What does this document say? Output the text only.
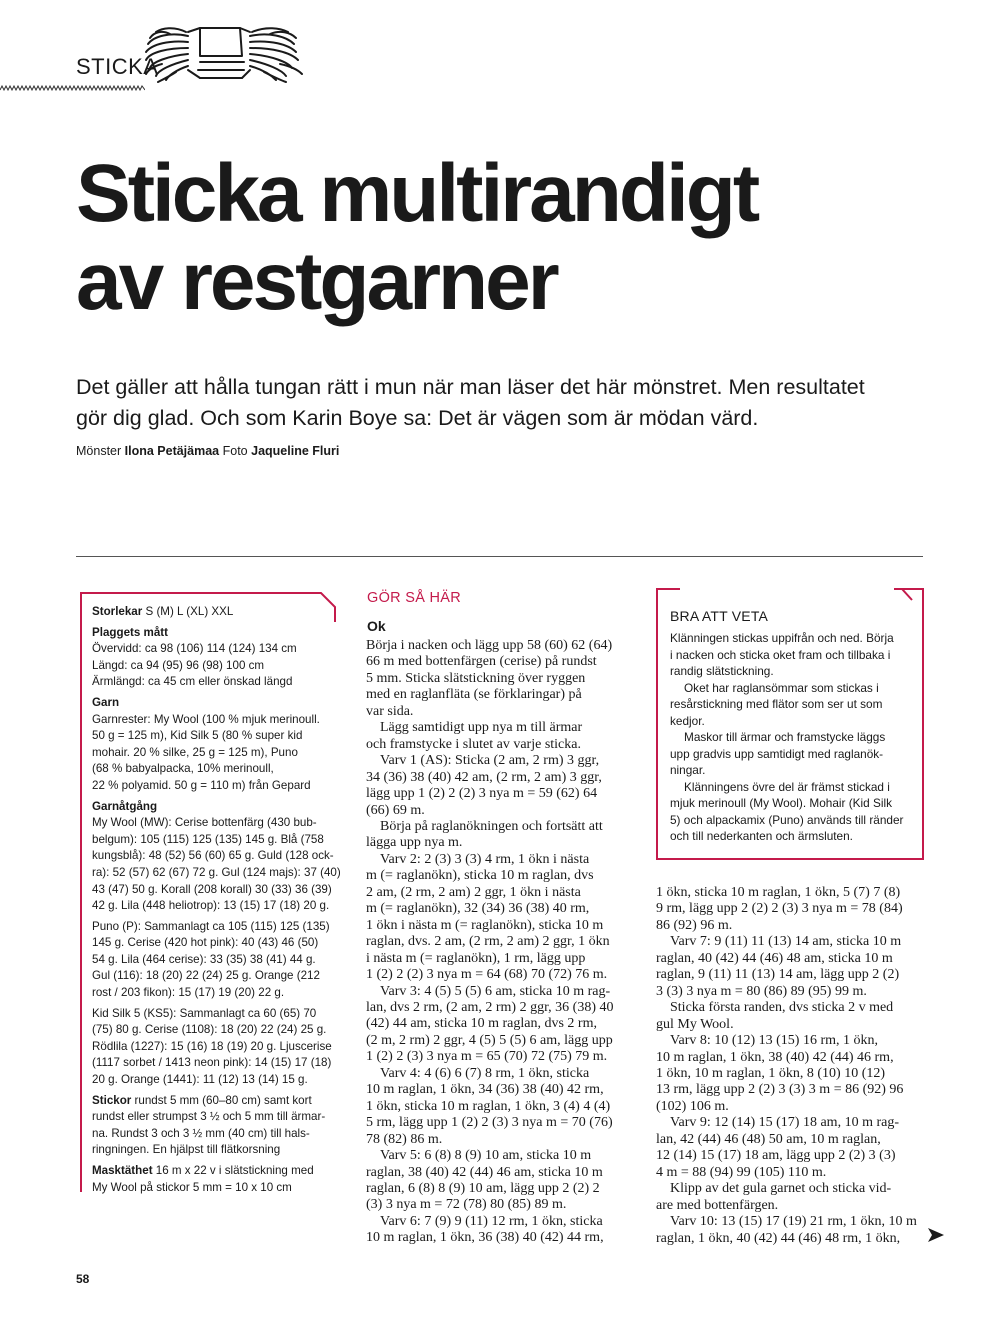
STICKA
Sticka multirandigt
av restgarner
Det gäller att hålla tungan rätt i mun när man läser det här mönstret. Men resultatet
gör dig glad. Och som Karin Boye sa: Det är vägen som är mödan värd.
Mönster Ilona Petäjämaa Foto Jaqueline Fluri
Storlekar S (M) L (XL) XXL
Plaggets mått
Övervidd: ca 98 (106) 114 (124) 134 cm
Längd: ca 94 (95) 96 (98) 100 cm
Ärmlängd: ca 45 cm eller önskad längd
Garn
Garnrester: My Wool (100 % mjuk merinoull.
50 g = 125 m), Kid Silk 5 (80 % super kid
mohair. 20 % silke, 25 g = 125 m), Puno
(68 % babyalpacka, 10% merinoull,
22 % polyamid. 50 g = 110 m) från Gepard
Garnåtgång
My Wool (MW): Cerise bottenfärg (430 bub-
belgum): 105 (115) 125 (135) 145 g. Blå (758
kungsblå): 48 (52) 56 (60) 65 g. Guld (128 ock-
ra): 52 (57) 62 (67) 72 g. Gul (124 majs): 37 (40)
43 (47) 50 g. Korall (208 korall) 30 (33) 36 (39)
42 g. Lila (448 heliotrop): 13 (15) 17 (18) 20 g.
Puno (P): Sammanlagt ca 105 (115) 125 (135)
145 g. Cerise (420 hot pink): 40 (43) 46 (50)
54 g. Lila (464 cerise): 33 (35) 38 (41) 44 g.
Gul (116): 18 (20) 22 (24) 25 g. Orange (212
rost / 203 fikon): 15 (17) 19 (20) 22 g.
Kid Silk 5 (KS5): Sammanlagt ca 60 (65) 70
(75) 80 g. Cerise (1108): 18 (20) 22 (24) 25 g.
Rödlila (1227): 15 (16) 18 (19) 20 g. Ljuscerise
(1117 sorbet / 1413 neon pink): 14 (15) 17 (18)
20 g. Orange (1441): 11 (12) 13 (14) 15 g.
Stickor rundst 5 mm (60–80 cm) samt kort
rundst eller strumpst 3 ½ och 5 mm till ärmar-
na. Rundst 3 och 3 ½ mm (40 cm) till hals-
ringningen. En hjälpst till flätkorsning
Masktäthet 16 m x 22 v i slätstickning med
My Wool på stickor 5 mm = 10 x 10 cm
GÖR SÅ HÄR
Ok
Börja i nacken och lägg upp 58 (60) 62 (64)
66 m med bottenfärgen (cerise) på rundst
5 mm. Sticka slätstickning över ryggen
med en raglanfläta (se förklaringar) på
var sida.
Lägg samtidigt upp nya m till ärmar
och framstycke i slutet av varje sticka.
Varv 1 (AS): Sticka (2 am, 2 rm) 3 ggr,
34 (36) 38 (40) 42 am, (2 rm, 2 am) 3 ggr,
lägg upp 1 (2) 2 (2) 3 nya m = 59 (62) 64
(66) 69 m.
Börja på raglanökningen och fortsätt att
lägga upp nya m.
Varv 2: 2 (3) 3 (3) 4 rm, 1 ökn i nästa
m (= raglanökn), sticka 10 m raglan, dvs
2 am, (2 rm, 2 am) 2 ggr, 1 ökn i nästa
m (= raglanökn), 32 (34) 36 (38) 40 rm,
1 ökn i nästa m (= raglanökn), sticka 10 m
raglan, dvs. 2 am, (2 rm, 2 am) 2 ggr, 1 ökn
i nästa m (= raglanökn), 1 rm, lägg upp
1 (2) 2 (2) 3 nya m = 64 (68) 70 (72) 76 m.
Varv 3: 4 (5) 5 (5) 6 am, sticka 10 m rag-
lan, dvs 2 rm, (2 am, 2 rm) 2 ggr, 36 (38) 40
(42) 44 am, sticka 10 m raglan, dvs 2 rm,
(2 m, 2 rm) 2 ggr, 4 (5) 5 (5) 6 am, lägg upp
1 (2) 2 (3) 3 nya m = 65 (70) 72 (75) 79 m.
Varv 4: 4 (6) 6 (7) 8 rm, 1 ökn, sticka
10 m raglan, 1 ökn, 34 (36) 38 (40) 42 rm,
1 ökn, sticka 10 m raglan, 1 ökn, 3 (4) 4 (4)
5 rm, lägg upp 1 (2) 2 (3) 3 nya m = 70 (76)
78 (82) 86 m.
Varv 5: 6 (8) 8 (9) 10 am, sticka 10 m
raglan, 38 (40) 42 (44) 46 am, sticka 10 m
raglan, 6 (8) 8 (9) 10 am, lägg upp 2 (2) 2
(3) 3 nya m = 72 (78) 80 (85) 89 m.
Varv 6: 7 (9) 9 (11) 12 rm, 1 ökn, sticka
10 m raglan, 1 ökn, 36 (38) 40 (42) 44 rm,
1 ökn, sticka 10 m raglan, 1 ökn, 5 (7) 7 (8)
9 rm, lägg upp 2 (2) 2 (3) 3 nya m = 78 (84)
86 (92) 96 m.
Varv 7: 9 (11) 11 (13) 14 am, sticka 10 m
raglan, 40 (42) 44 (46) 48 am, sticka 10 m
raglan, 9 (11) 11 (13) 14 am, lägg upp 2 (2)
3 (3) 3 nya m = 80 (86) 89 (95) 99 m.
Sticka första randen, dvs sticka 2 v med
gul My Wool.
Varv 8: 10 (12) 13 (15) 16 rm, 1 ökn,
10 m raglan, 1 ökn, 38 (40) 42 (44) 46 rm,
1 ökn, 10 m raglan, 1 ökn, 8 (10) 10 (12)
13 rm, lägg upp 2 (2) 3 (3) 3 m = 86 (92) 96
(102) 106 m.
Varv 9: 12 (14) 15 (17) 18 am, 10 m rag-
lan, 42 (44) 46 (48) 50 am, 10 m raglan,
12 (14) 15 (17) 18 am, lägg upp 2 (2) 3 (3)
4 m = 88 (94) 99 (105) 110 m.
Klipp av det gula garnet och sticka vid-
are med bottenfärgen.
Varv 10: 13 (15) 17 (19) 21 rm, 1 ökn, 10 m
raglan, 1 ökn, 40 (42) 44 (46) 48 rm, 1 ökn,
BRA ATT VETA
Klänningen stickas uppifrån och ned. Börja
i nacken och sticka oket fram och tillbaka i
randig slätstickning.
Oket har raglansömmar som stickas i
resårstickning med flätor som ser ut som
kedjor.
Maskor till ärmar och framstycke läggs
upp gradvis upp samtidigt med raglanök-
ningar.
Klänningens övre del är främst stickad i
mjuk merinoull (My Wool). Mohair (Kid Silk
5) och alpackamix (Puno) används till ränder
och till nederkanten och ärmsluten.
58
